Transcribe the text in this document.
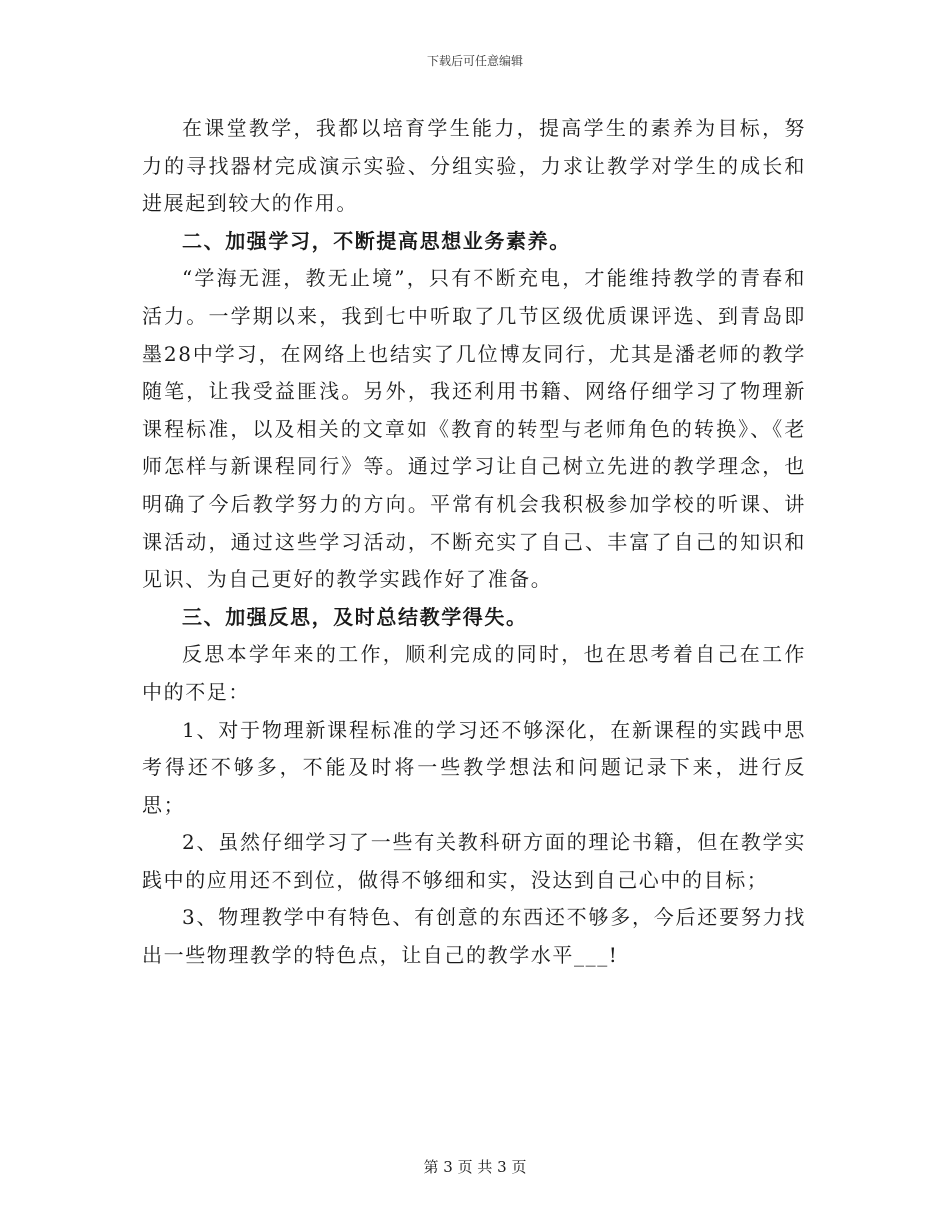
下载后可任意编辑

在课堂教学，我都以培育学生能力，提高学生的素养为目标，努力的寻找器材完成演示实验、分组实验，力求让教学对学生的成长和进展起到较大的作用。

二、加强学习，不断提高思想业务素养。

“学海无涯，教无止境”，只有不断充电，才能维持教学的青春和活力。一学期以来，我到七中听取了几节区级优质课评选、到青岛即墨28中学习，在网络上也结实了几位博友同行，尤其是潘老师的教学随笔，让我受益匪浅。另外，我还利用书籍、网络仔细学习了物理新课程标准，以及相关的文章如《教育的转型与老师角色的转换》、《老师怎样与新课程同行》等。通过学习让自己树立先进的教学理念，也明确了今后教学努力的方向。平常有机会我积极参加学校的听课、讲课活动，通过这些学习活动，不断充实了自己、丰富了自己的知识和见识、为自己更好的教学实践作好了准备。

三、加强反思，及时总结教学得失。

反思本学年来的工作，顺利完成的同时，也在思考着自己在工作中的不足：

1、对于物理新课程标准的学习还不够深化，在新课程的实践中思考得还不够多，不能及时将一些教学想法和问题记录下来，进行反思；

2、虽然仔细学习了一些有关教科研方面的理论书籍，但在教学实践中的应用还不到位，做得不够细和实，没达到自己心中的目标；

3、物理教学中有特色、有创意的东西还不够多，今后还要努力找出一些物理教学的特色点，让自己的教学水平___!

第 3 页 共 3 页
